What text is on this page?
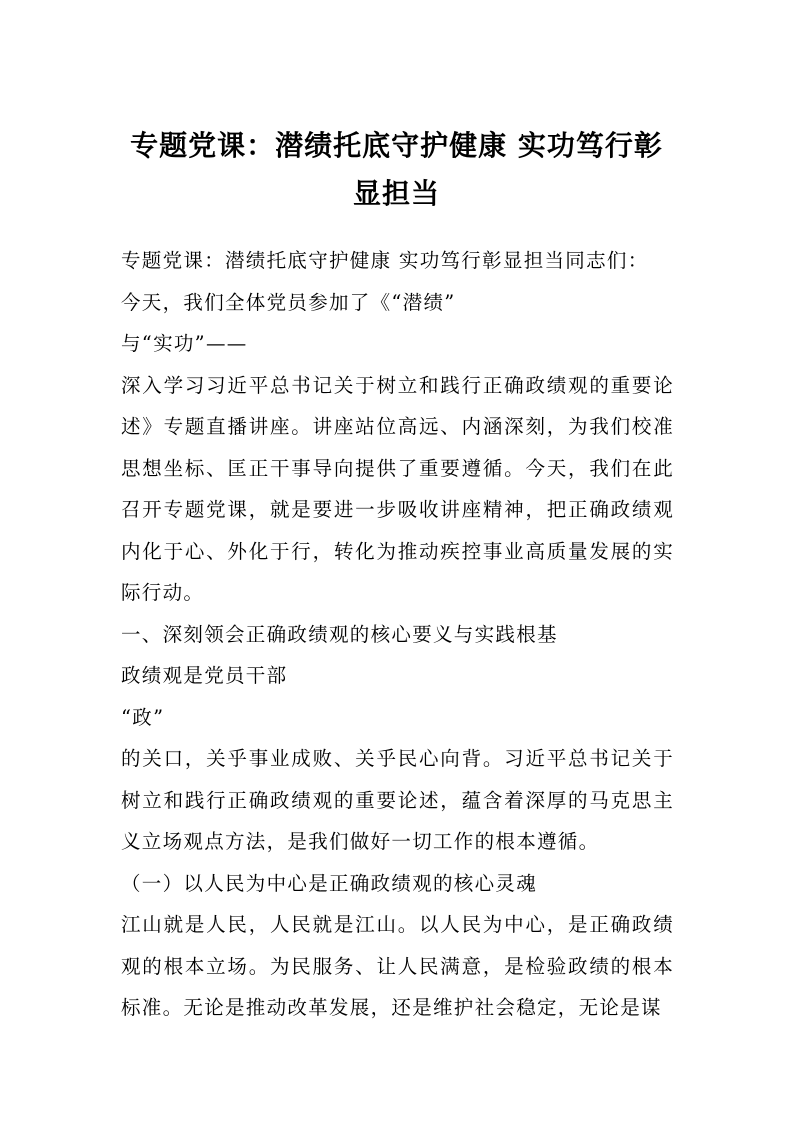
专题党课：潜绩托底守护健康 实功笃行彰
显担当

专题党课：潜绩托底守护健康 实功笃行彰显担当同志们：

今天，我们全体党员参加了《“潜绩”

与“实功”——

深入学习习近平总书记关于树立和践行正确政绩观的重要论述》专题直播讲座。讲座站位高远、内涵深刻，为我们校准思想坐标、匡正干事导向提供了重要遵循。今天，我们在此召开专题党课，就是要进一步吸收讲座精神，把正确政绩观内化于心、外化于行，转化为推动疾控事业高质量发展的实际行动。

一、深刻领会正确政绩观的核心要义与实践根基

政绩观是党员干部

“政”

的关口，关乎事业成败、关乎民心向背。习近平总书记关于树立和践行正确政绩观的重要论述，蕴含着深厚的马克思主义立场观点方法，是我们做好一切工作的根本遵循。

（一）以人民为中心是正确政绩观的核心灵魂

江山就是人民，人民就是江山。以人民为中心，是正确政绩观的根本立场。为民服务、让人民满意，是检验政绩的根本标准。无论是推动改革发展，还是维护社会稳定，无论是谋
